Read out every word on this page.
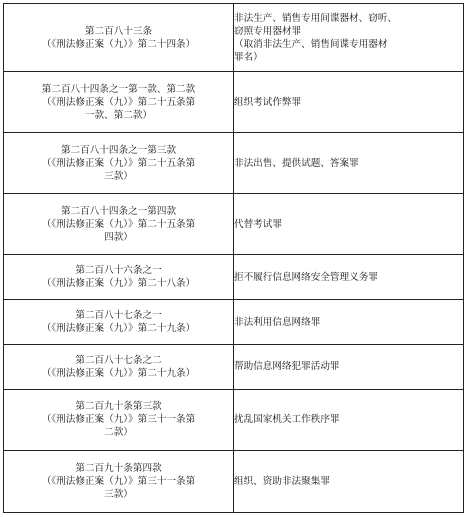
第二百八十三条
（《刑法修正案（九）》第二十四条）	非法生产、销售专用间谍器材、窃听、
窃照专用器材罪
（取消非法生产、销售间谍专用器材
罪名）

第二百八十四条之一第一款、第二款
（《刑法修正案（九）》第二十五条第
一款、第二款）	组织考试作弊罪

第二百八十四条之一第三款
（《刑法修正案（九）》第二十五条第
三款）	非法出售、提供试题、答案罪

第二百八十四条之一第四款
（《刑法修正案（九）》第二十五条第
四款）	代替考试罪

第二百八十六条之一
（《刑法修正案（九）》第二十八条）	拒不履行信息网络安全管理义务罪

第二百八十七条之一
（《刑法修正案（九）》第二十九条）	非法利用信息网络罪

第二百八十七条之二
（《刑法修正案（九）》第二十九条）	帮助信息网络犯罪活动罪

第二百九十条第三款
（《刑法修正案（九）》第三十一条第
二款）	扰乱国家机关工作秩序罪

第二百九十条第四款
（《刑法修正案（九）》第三十一条第
三款）	组织、资助非法聚集罪
